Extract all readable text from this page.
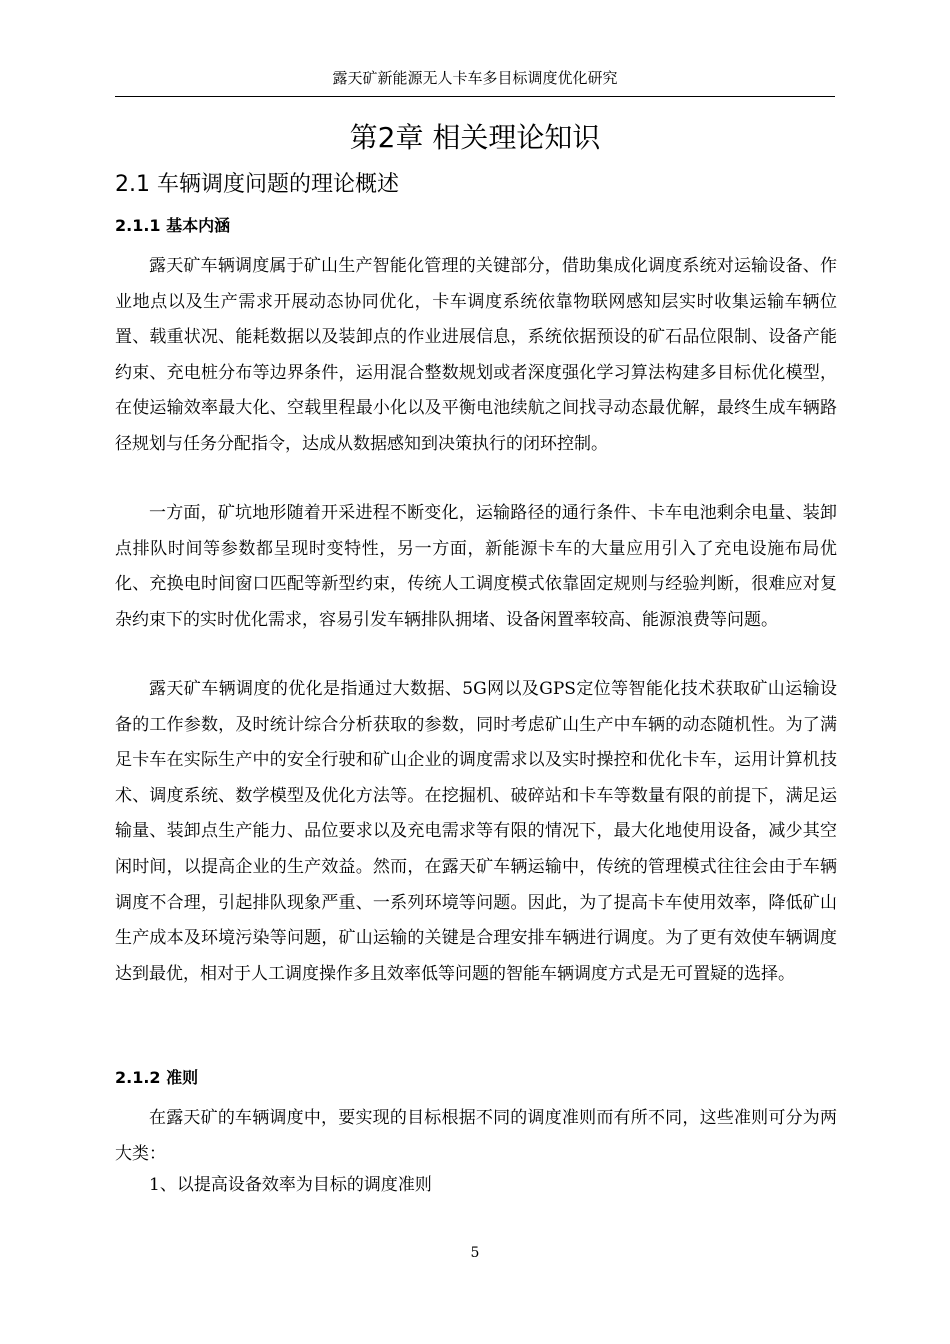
露天矿新能源无人卡车多目标调度优化研究
第2章 相关理论知识
2.1 车辆调度问题的理论概述
2.1.1 基本内涵

露天矿车辆调度属于矿山生产智能化管理的关键部分，借助集成化调度系统对运输设备、作业地点以及生产需求开展动态协同优化，卡车调度系统依靠物联网感知层实时收集运输车辆位置、载重状况、能耗数据以及装卸点的作业进展信息，系统依据预设的矿石品位限制、设备产能约束、充电桩分布等边界条件，运用混合整数规划或者深度强化学习算法构建多目标优化模型，在使运输效率最大化、空载里程最小化以及平衡电池续航之间找寻动态最优解，最终生成车辆路径规划与任务分配指令，达成从数据感知到决策执行的闭环控制。

一方面，矿坑地形随着开采进程不断变化，运输路径的通行条件、卡车电池剩余电量、装卸点排队时间等参数都呈现时变特性，另一方面，新能源卡车的大量应用引入了充电设施布局优化、充换电时间窗口匹配等新型约束，传统人工调度模式依靠固定规则与经验判断，很难应对复杂约束下的实时优化需求，容易引发车辆排队拥堵、设备闲置率较高、能源浪费等问题。

露天矿车辆调度的优化是指通过大数据、5G网以及GPS定位等智能化技术获取矿山运输设备的工作参数，及时统计综合分析获取的参数，同时考虑矿山生产中车辆的动态随机性。为了满足卡车在实际生产中的安全行驶和矿山企业的调度需求以及实时操控和优化卡车，运用计算机技术、调度系统、数学模型及优化方法等。在挖掘机、破碎站和卡车等数量有限的前提下，满足运输量、装卸点生产能力、品位要求以及充电需求等有限的情况下，最大化地使用设备，减少其空闲时间，以提高企业的生产效益。然而，在露天矿车辆运输中，传统的管理模式往往会由于车辆调度不合理，引起排队现象严重、一系列环境等问题。因此，为了提高卡车使用效率，降低矿山生产成本及环境污染等问题，矿山运输的关键是合理安排车辆进行调度。为了更有效使车辆调度达到最优，相对于人工调度操作多且效率低等问题的智能车辆调度方式是无可置疑的选择。

2.1.2 准则

在露天矿的车辆调度中，要实现的目标根据不同的调度准则而有所不同，这些准则可分为两大类：

1、以提高设备效率为目标的调度准则
5
